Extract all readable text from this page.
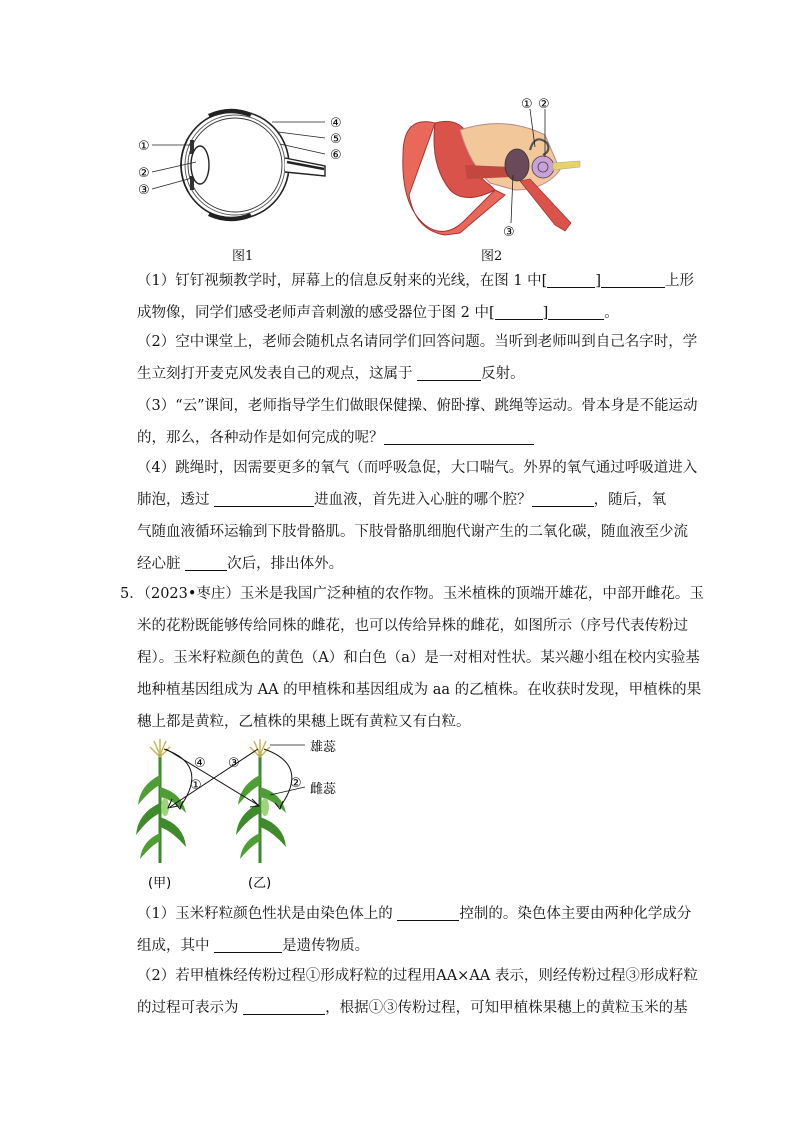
①
②
③
④
⑤
⑥
图1
① ②
③
图2
（1）钉钉视频教学时，屏幕上的信息反射来的光线，在图 1 中[	]	上形
成物像，同学们感受老师声音刺激的感受器位于图 2 中[	]	。
（2）空中课堂上，老师会随机点名请同学们回答问题。当听到老师叫到自己名字时，学
生立刻打开麦克风发表自己的观点，这属于	反射。
（3）“云”课间，老师指导学生们做眼保健操、俯卧撑、跳绳等运动。骨本身是不能运动
的，那么，各种动作是如何完成的呢？
（4）跳绳时，因需要更多的氧气（而呼吸急促，大口喘气。外界的氧气通过呼吸道进入
肺泡，透过	进血液，首先进入心脏的哪个腔？	，随后，氧
气随血液循环运输到下肢骨骼肌。下肢骨骼肌细胞代谢产生的二氧化碳，随血液至少流
经心脏	次后，排出体外。
5．（2023•枣庄）玉米是我国广泛种植的农作物。玉米植株的顶端开雄花，中部开雌花。玉
米的花粉既能够传给同株的雌花，也可以传给异株的雌花，如图所示（序号代表传粉过
程）。玉米籽粒颜色的黄色（A）和白色（a）是一对相对性状。某兴趣小组在校内实验基
地种植基因组成为 AA 的甲植株和基因组成为 aa 的乙植株。在收获时发现，甲植株的果
穗上都是黄粒，乙植株的果穗上既有黄粒又有白粒。
④
①
③
②
雄蕊
雌蕊
(甲)	(乙)
（1）玉米籽粒颜色性状是由染色体上的	控制的。染色体主要由两种化学成分
组成，其中	是遗传物质。
（2）若甲植株经传粉过程①形成籽粒的过程用AA×AA 表示，则经传粉过程③形成籽粒
的过程可表示为	，根据①③传粉过程，可知甲植株果穗上的黄粒玉米的基
